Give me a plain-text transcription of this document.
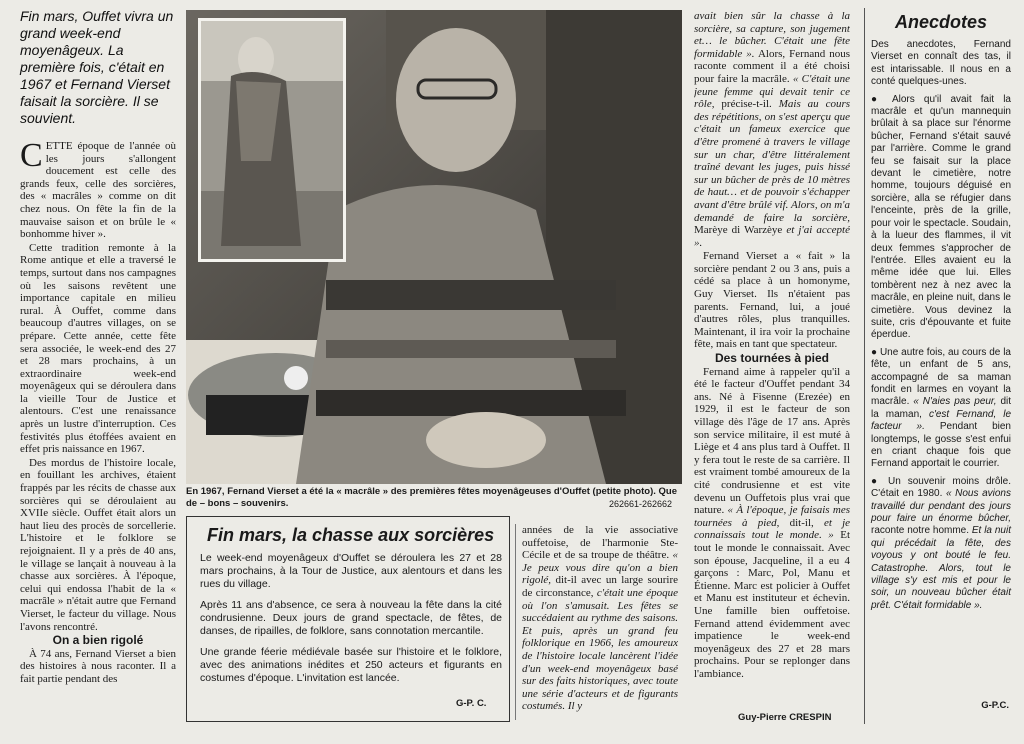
Fin mars, Ouffet vivra un grand week-end moyenâgeux. La première fois, c'était en 1967 et Fernand Vierset faisait la sorcière. Il se souvient.

CETTE époque de l'année où les jours s'allongent doucement est celle des grands feux, celle des sorcières, des « macrâles » comme on dit chez nous. On fête la fin de la mauvaise saison et on brûle le « bonhomme hiver ».

Cette tradition remonte à la Rome antique et elle a traversé le temps, surtout dans nos campagnes où les saisons revêtent une importance capitale en milieu rural. À Ouffet, comme dans beaucoup d'autres villages, on se prépare. Cette année, cette fête sera associée, le week-end des 27 et 28 mars prochains, à un extraordinaire week-end moyenâgeux qui se déroulera dans la vieille Tour de Justice et alentours. C'est une renaissance après un lustre d'interruption. Ces festivités plus étoffées avaient en effet pris naissance en 1967.

Des mordus de l'histoire locale, en fouillant les archives, étaient frappés par les récits de chasse aux sorcières qui se déroulaient au XVIIe siècle. Ouffet était alors un haut lieu des procès de sorcellerie. L'histoire et le folklore se rejoignaient. Il y a près de 40 ans, le village se lançait à nouveau à la chasse aux sorcières. À l'époque, celui qui endossa l'habit de la « macrâle » n'était autre que Fernand Vierset, le facteur du village. Nous l'avons rencontré.

On a bien rigolé

À 74 ans, Fernand Vierset a bien des histoires à nous raconter. Il a fait partie pendant des

En 1967, Fernand Vierset a été la « macrâle » des premières fêtes moyenâgeuses d'Ouffet (petite photo). Que de – bons – souvenirs.	262661-262662
Fin mars, la chasse aux sorcières

Le week-end moyenâgeux d'Ouffet se déroulera les 27 et 28 mars prochains, à la Tour de Justice, aux alentours et dans les rues du village.

Après 11 ans d'absence, ce sera à nouveau la fête dans la cité condrusienne. Deux jours de grand spectacle, de fêtes, de danses, de ripailles, de folklore, sans connotation mercantile.

Une grande féerie médiévale basée sur l'histoire et le folklore, avec des animations inédites et 250 acteurs et figurants en costumes d'époque. L'invitation est lancée.

G-P. C.

années de la vie associative ouffetoise, de l'harmonie Ste-Cécile et de sa troupe de théâtre. « Je peux vous dire qu'on a bien rigolé, dit-il avec un large sourire de circonstance, c'était une époque où l'on s'amusait. Les fêtes se succédaient au rythme des saisons. Et puis, après un grand feu folklorique en 1966, les amoureux de l'histoire locale lancèrent l'idée d'un week-end moyenâgeux basé sur des faits historiques, avec toute une série d'acteurs et de figurants costumés. Il y

avait bien sûr la chasse à la sorcière, sa capture, son jugement et… le bûcher. C'était une fête formidable ». Alors, Fernand nous raconte comment il a été choisi pour faire la macrâle. « C'était une jeune femme qui devait tenir ce rôle, précise-t-il. Mais au cours des répétitions, on s'est aperçu que c'était un fameux exercice que d'être promené à travers le village sur un char, d'être littéralement traîné devant les juges, puis hissé sur un bûcher de près de 10 mètres de haut… et de pouvoir s'échapper avant d'être brûlé vif. Alors, on m'a demandé de faire la sorcière, Marèye di Warzèye et j'ai accepté ».

Fernand Vierset a « fait » la sorcière pendant 2 ou 3 ans, puis a cédé sa place à un homonyme, Guy Vierset. Ils n'étaient pas parents. Fernand, lui, a joué d'autres rôles, plus tranquilles. Maintenant, il ira voir la prochaine fête, mais en tant que spectateur.

Des tournées à pied

Fernand aime à rappeler qu'il a été le facteur d'Ouffet pendant 34 ans. Né à Fisenne (Erezée) en 1929, il est le facteur de son village dès l'âge de 17 ans. Après son service militaire, il est muté à Liège et 4 ans plus tard à Ouffet. Il y fera tout le reste de sa carrière. Il est vraiment tombé amoureux de la cité condrusienne et est vite devenu un Ouffetois plus vrai que nature. « À l'époque, je faisais mes tournées à pied, dit-il, et je connaissais tout le monde. » Et tout le monde le connaissait. Avec son épouse, Jacqueline, il a eu 4 garçons : Marc, Pol, Manu et Étienne. Marc est policier à Ouffet et Manu est instituteur et échevin. Une famille bien ouffetoise. Fernand attend évidemment avec impatience le week-end moyenâgeux des 27 et 28 mars prochains. Pour se replonger dans l'ambiance.

Guy-Pierre CRESPIN
Anecdotes

Des anecdotes, Fernand Vierset en connaît des tas, il est intarissable. Il nous en a conté quelques-unes.

● Alors qu'il avait fait la macrâle et qu'un mannequin brûlait à sa place sur l'énorme bûcher, Fernand s'était sauvé par l'arrière. Comme le grand feu se faisait sur la place devant le cimetière, notre homme, toujours déguisé en sorcière, alla se réfugier dans l'enceinte, près de la grille, pour voir le spectacle. Soudain, à la lueur des flammes, il vit deux femmes s'approcher de l'entrée. Elles avaient eu la même idée que lui. Elles tombèrent nez à nez avec la macrâle, en pleine nuit, dans le cimetière. Vous devinez la suite, cris d'épouvante et fuite éperdue.

● Une autre fois, au cours de la fête, un enfant de 5 ans, accompagné de sa maman fondit en larmes en voyant la macrâle. « N'aies pas peur, dit la maman, c'est Fernand, le facteur ». Pendant bien longtemps, le gosse s'est enfui en criant chaque fois que Fernand apportait le courrier.

● Un souvenir moins drôle. C'était en 1980. « Nous avions travaillé dur pendant des jours pour faire un énorme bûcher, raconte notre homme. Et la nuit qui précédait la fête, des voyous y ont bouté le feu. Catastrophe. Alors, tout le village s'y est mis et pour le soir, un nouveau bûcher était prêt. C'était formidable ».

G-P.C.
